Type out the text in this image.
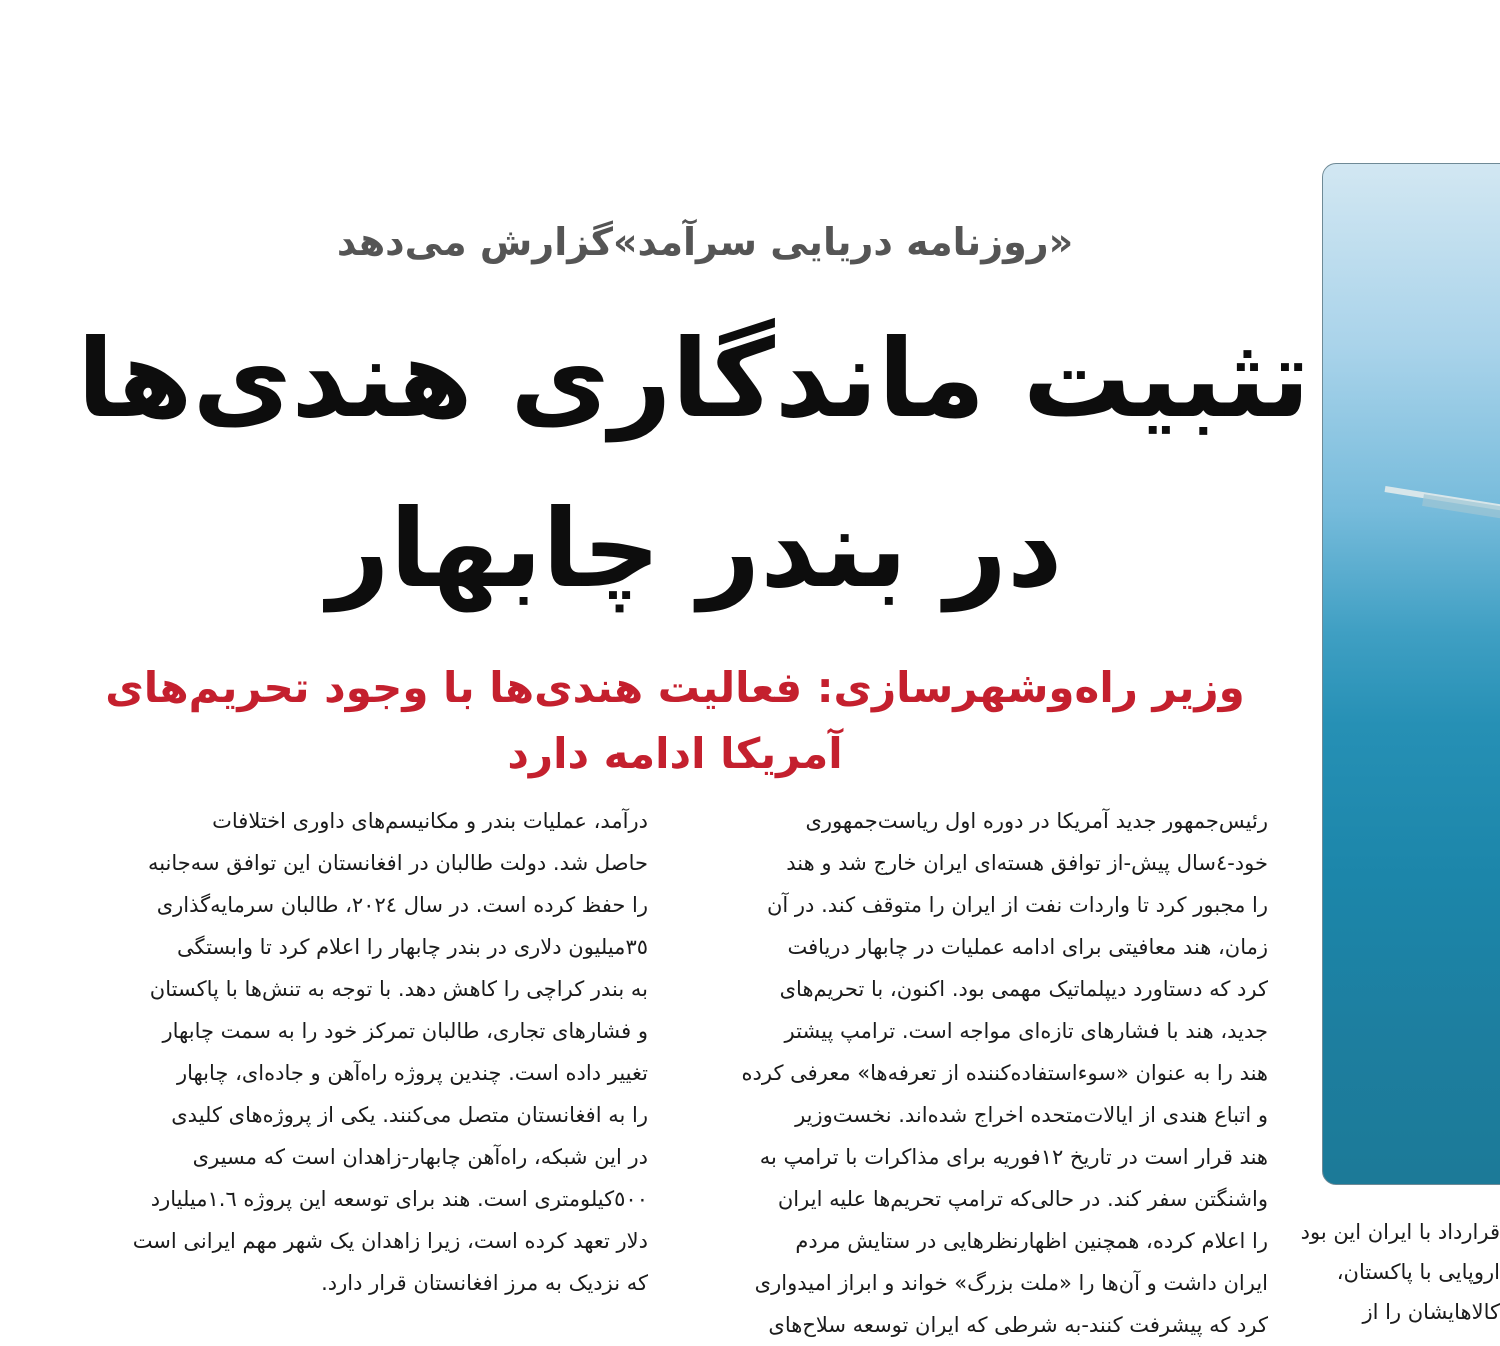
«روزنامه دریایی سرآمد»گزارش می‌دهد
تثبیت ماندگاری هندی‌ها
در بندر چابهار
وزیر راه‌وشهرسازی: فعالیت هندی‌ها با وجود تحریم‌های
آمریکا ادامه دارد
رئیس‌جمهور جدید آمریکا در دوره اول ریاست‌جمهوری
خود-٤سال پیش-از توافق هسته‌ای ایران خارج شد و هند
را مجبور کرد تا واردات نفت از ایران را متوقف کند. در آن
زمان، هند معافیتی برای ادامه عملیات در چابهار دریافت
کرد که دستاورد دیپلماتیک مهمی بود. اکنون، با تحریم‌های
جدید، هند با فشارهای تازه‌ای مواجه است. ترامپ پیشتر
هند را به عنوان «سوءاستفاده‌کننده از تعرفه‌ها» معرفی کرده
و اتباع هندی از ایالات‌متحده اخراج شده‌اند. نخست‌وزیر
هند قرار است در تاریخ ١٢فوریه برای مذاکرات با ترامپ به
واشنگتن سفر کند. در حالی‌که ترامپ تحریم‌ها علیه ایران
را اعلام کرده، همچنین اظهارنظرهایی در ستایش مردم
ایران داشت و آن‌ها را «ملت بزرگ» خواند و ابراز امیدواری
کرد که پیشرفت کنند-به شرطی که ایران توسعه سلاح‌های
درآمد، عملیات بندر و مکانیسم‌های داوری اختلافات
حاصل شد. دولت طالبان در افغانستان این توافق سه‌جانبه
را حفظ کرده است. در سال ٢٠٢٤، طالبان سرمایه‌گذاری
٣٥میلیون دلاری در بندر چابهار را اعلام کرد تا وابستگی
به بندر کراچی را کاهش دهد. با توجه به تنش‌ها با پاکستان
و فشارهای تجاری، طالبان تمرکز خود را به سمت چابهار
تغییر داده است. چندین پروژه راه‌آهن و جاده‌ای، چابهار
را به افغانستان متصل می‌کنند. یکی از پروژه‌های کلیدی
در این شبکه، راه‌آهن چابهار-زاهدان است که مسیری
٥٠٠کیلومتری است. هند برای توسعه این پروژه ١.٦میلیارد
دلار تعهد کرده است، زیرا زاهدان یک شهر مهم ایرانی است
که نزدیک به مرز افغانستان قرار دارد.
قرارداد با ایران این بود
اروپایی با پاکستان،
کالاهایشان را از
